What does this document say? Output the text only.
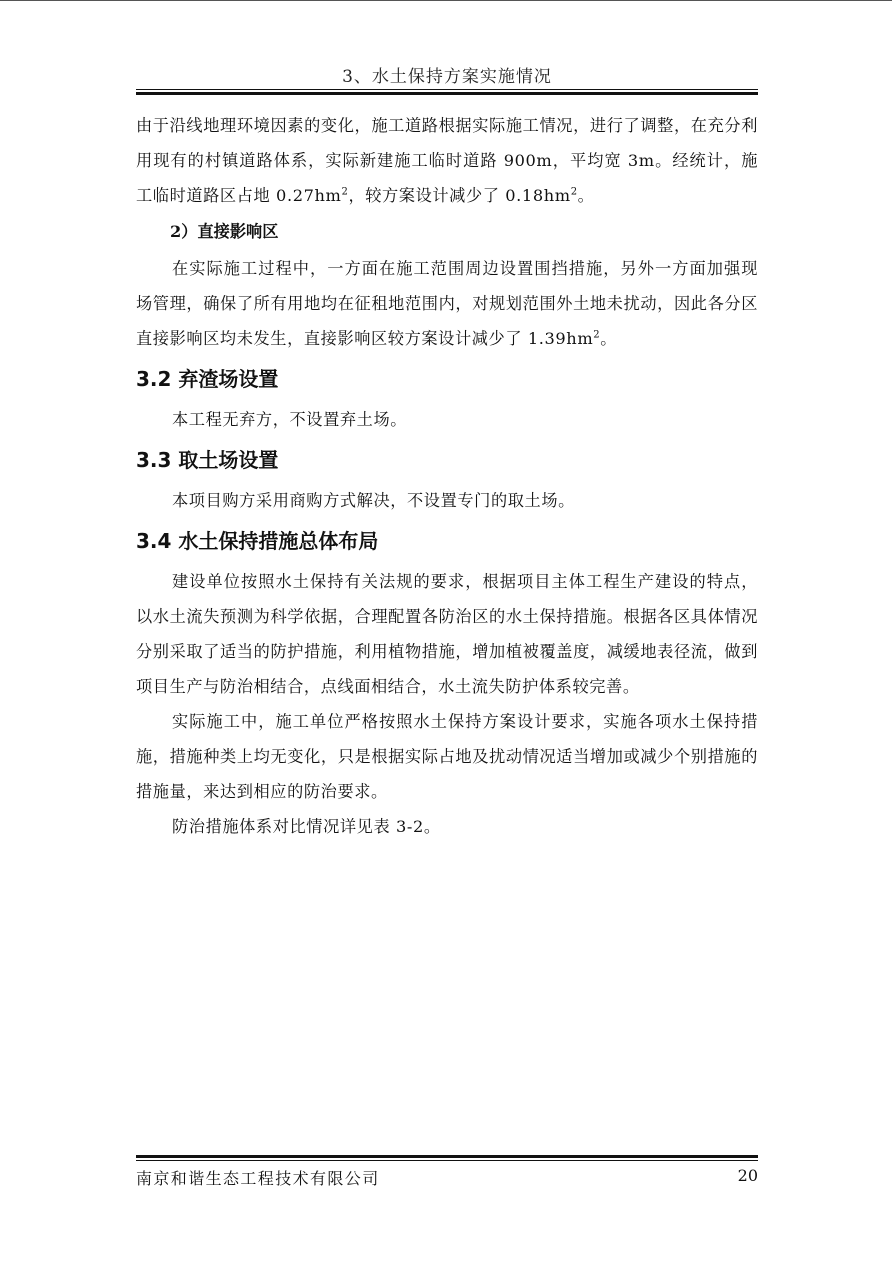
3、水土保持方案实施情况

由于沿线地理环境因素的变化，施工道路根据实际施工情况，进行了调整，在充分利用现有的村镇道路体系，实际新建施工临时道路 900m，平均宽 3m。经统计，施工临时道路区占地 $0.27hm^2$，较方案设计减少了 $0.18hm^2$。

2）直接影响区

在实际施工过程中，一方面在施工范围周边设置围挡措施，另外一方面加强现场管理，确保了所有用地均在征租地范围内，对规划范围外土地未扰动，因此各分区直接影响区均未发生，直接影响区较方案设计减少了 $1.39hm^2$。

3.2 弃渣场设置

本工程无弃方，不设置弃土场。

3.3 取土场设置

本项目购方采用商购方式解决，不设置专门的取土场。

3.4 水土保持措施总体布局

建设单位按照水土保持有关法规的要求，根据项目主体工程生产建设的特点，以水土流失预测为科学依据，合理配置各防治区的水土保持措施。根据各区具体情况分别采取了适当的防护措施，利用植物措施，增加植被覆盖度，减缓地表径流，做到项目生产与防治相结合，点线面相结合，水土流失防护体系较完善。

实际施工中，施工单位严格按照水土保持方案设计要求，实施各项水土保持措施，措施种类上均无变化，只是根据实际占地及扰动情况适当增加或减少个别措施的措施量，来达到相应的防治要求。

防治措施体系对比情况详见表 3-2。

南京和谐生态工程技术有限公司	20
